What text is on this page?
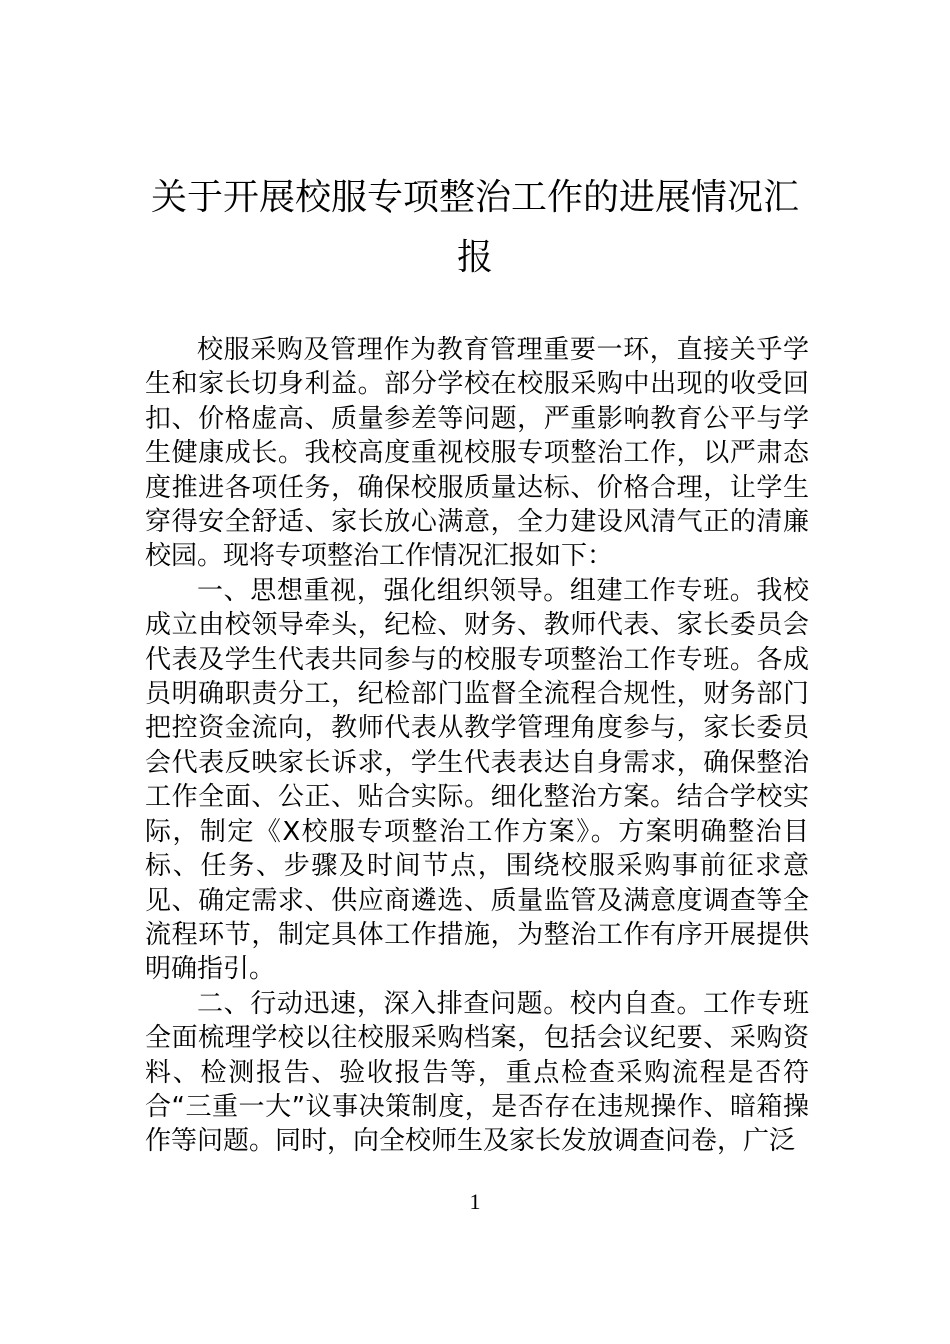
关于开展校服专项整治工作的进展情况汇报

校服采购及管理作为教育管理重要一环，直接关乎学生和家长切身利益。部分学校在校服采购中出现的收受回扣、价格虚高、质量参差等问题，严重影响教育公平与学生健康成长。我校高度重视校服专项整治工作，以严肃态度推进各项任务，确保校服质量达标、价格合理，让学生穿得安全舒适、家长放心满意，全力建设风清气正的清廉校园。现将专项整治工作情况汇报如下：

一、思想重视，强化组织领导。组建工作专班。我校成立由校领导牵头，纪检、财务、教师代表、家长委员会代表及学生代表共同参与的校服专项整治工作专班。各成员明确职责分工，纪检部门监督全流程合规性，财务部门把控资金流向，教师代表从教学管理角度参与，家长委员会代表反映家长诉求，学生代表表达自身需求，确保整治工作全面、公正、贴合实际。细化整治方案。结合学校实际，制定《X校服专项整治工作方案》。方案明确整治目标、任务、步骤及时间节点，围绕校服采购事前征求意见、确定需求、供应商遴选、质量监管及满意度调查等全流程环节，制定具体工作措施，为整治工作有序开展提供明确指引。

二、行动迅速，深入排查问题。校内自查。工作专班全面梳理学校以往校服采购档案，包括会议纪要、采购资料、检测报告、验收报告等，重点检查采购流程是否符合“三重一大”议事决策制度，是否存在违规操作、暗箱操作等问题。同时，向全校师生及家长发放调查问卷，广泛

1
